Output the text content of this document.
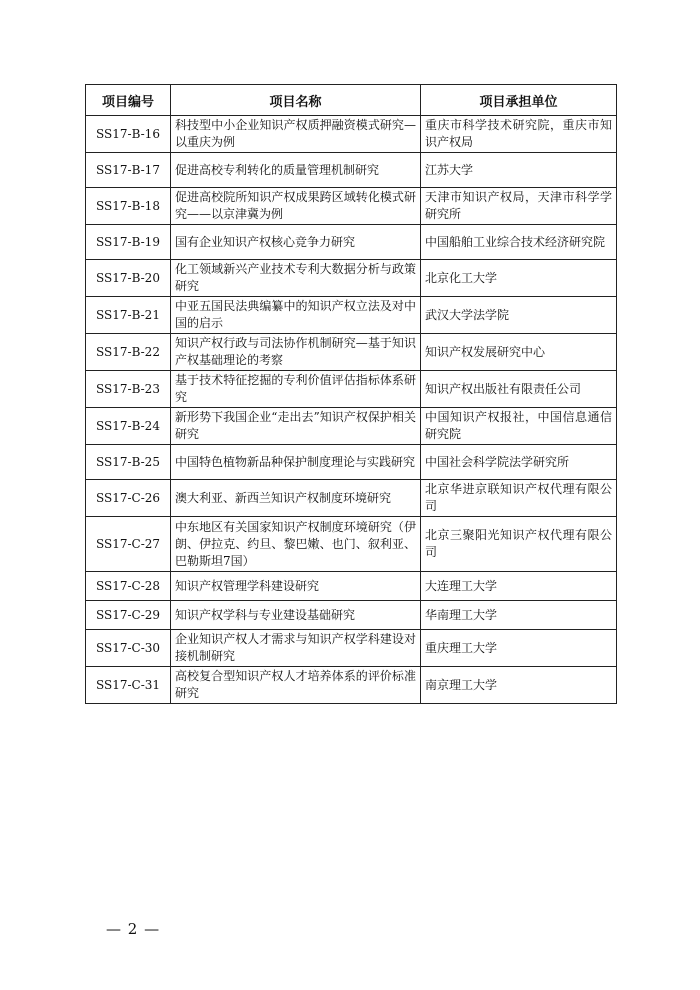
项目编号	项目名称	项目承担单位
SS17-B-16	科技型中小企业知识产权质押融资模式研究—以重庆为例	重庆市科学技术研究院，重庆市知识产权局
SS17-B-17	促进高校专利转化的质量管理机制研究	江苏大学
SS17-B-18	促进高校院所知识产权成果跨区域转化模式研究——以京津冀为例	天津市知识产权局，天津市科学学研究所
SS17-B-19	国有企业知识产权核心竞争力研究	中国船舶工业综合技术经济研究院
SS17-B-20	化工领域新兴产业技术专利大数据分析与政策研究	北京化工大学
SS17-B-21	中亚五国民法典编纂中的知识产权立法及对中国的启示	武汉大学法学院
SS17-B-22	知识产权行政与司法协作机制研究—基于知识产权基础理论的考察	知识产权发展研究中心
SS17-B-23	基于技术特征挖掘的专利价值评估指标体系研究	知识产权出版社有限责任公司
SS17-B-24	新形势下我国企业“走出去”知识产权保护相关研究	中国知识产权报社，中国信息通信研究院
SS17-B-25	中国特色植物新品种保护制度理论与实践研究	中国社会科学院法学研究所
SS17-C-26	澳大利亚、新西兰知识产权制度环境研究	北京华进京联知识产权代理有限公司
SS17-C-27	中东地区有关国家知识产权制度环境研究（伊朗、伊拉克、约旦、黎巴嫩、也门、叙利亚、巴勒斯坦7国）	北京三聚阳光知识产权代理有限公司
SS17-C-28	知识产权管理学科建设研究	大连理工大学
SS17-C-29	知识产权学科与专业建设基础研究	华南理工大学
SS17-C-30	企业知识产权人才需求与知识产权学科建设对接机制研究	重庆理工大学
SS17-C-31	高校复合型知识产权人才培养体系的评价标准研究	南京理工大学
— 2 —
